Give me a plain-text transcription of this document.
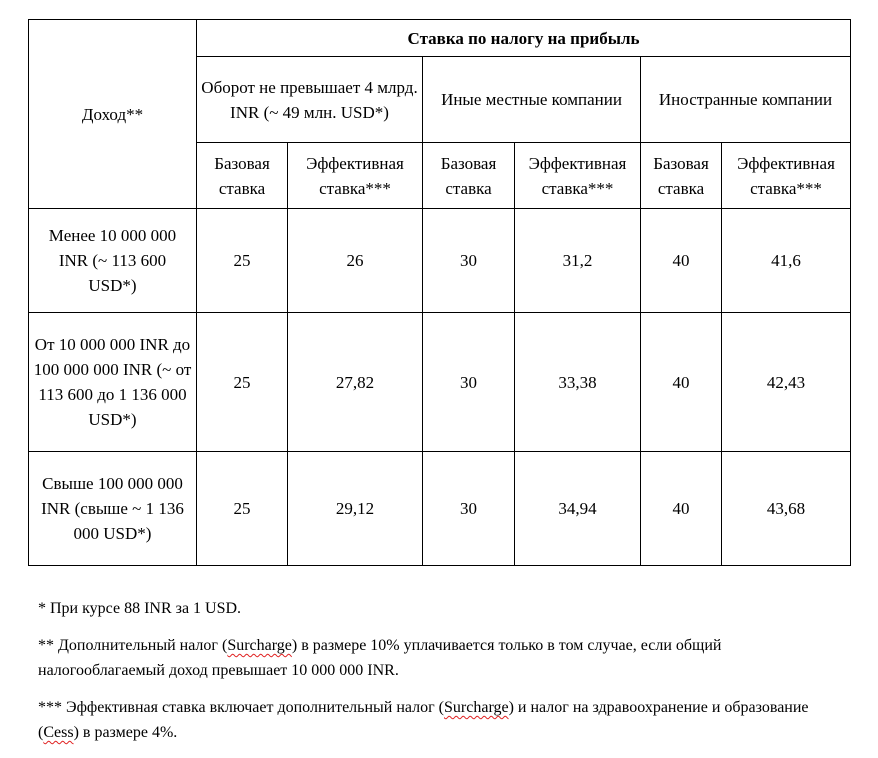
Доход**	Ставка по налогу на прибыль					
	Оборот не превышает 4 млрд. INR (~ 49 млн. USD*)		Иные местные компании		Иностранные компании	
	Базовая ставка	Эффективная ставка***	Базовая ставка	Эффективная ставка***	Базовая ставка	Эффективная ставка***
Менее 10 000 000 INR (~ 113 600 USD*)	25	26	30	31,2	40	41,6
От 10 000 000 INR до 100 000 000 INR (~ от 113 600 до 1 136 000 USD*)	25	27,82	30	33,38	40	42,43
Свыше 100 000 000 INR (свыше ~ 1 136 000 USD*)	25	29,12	30	34,94	40	43,68

* При курсе 88 INR за 1 USD.

** Дополнительный налог (Surcharge) в размере 10% уплачивается только в том случае, если общий налогооблагаемый доход превышает 10 000 000 INR.

*** Эффективная ставка включает дополнительный налог (Surcharge) и налог на здравоохранение и образование (Cess) в размере 4%.
